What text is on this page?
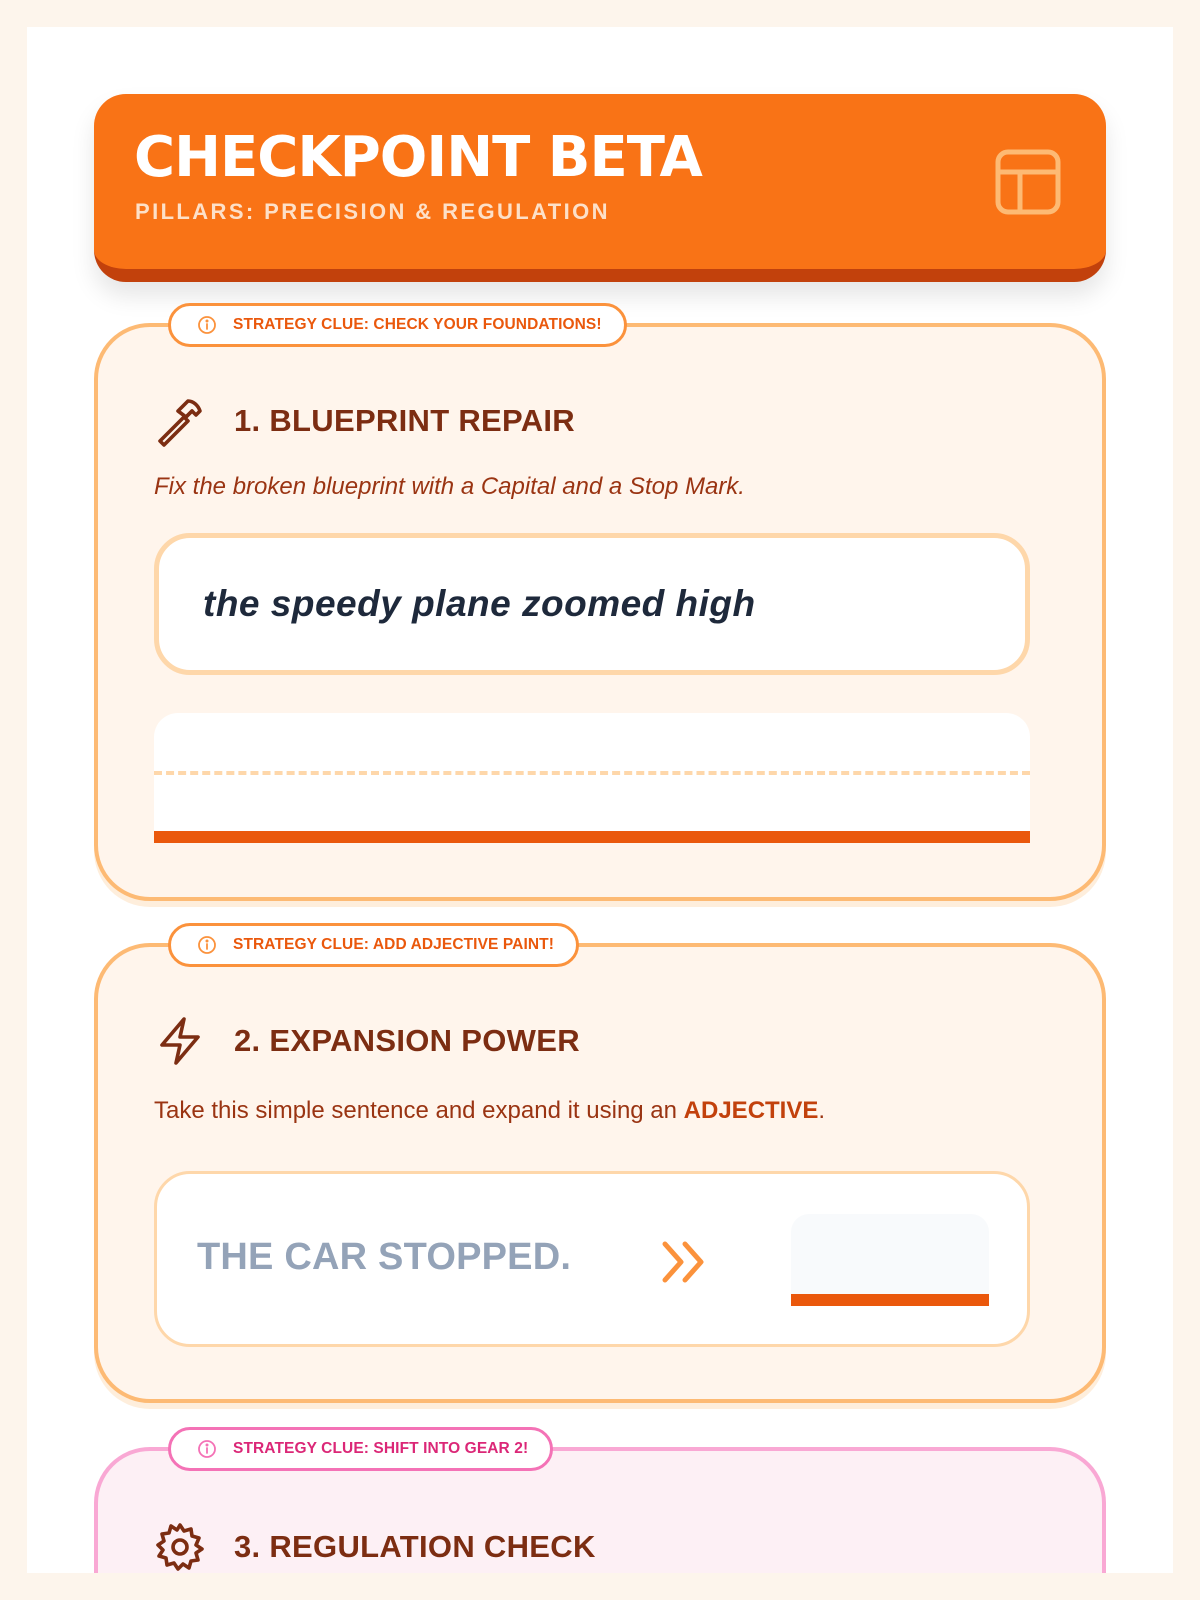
CHECKPOINT BETA
PILLARS: PRECISION & REGULATION
STRATEGY CLUE: CHECK YOUR FOUNDATIONS!
1. BLUEPRINT REPAIR
Fix the broken blueprint with a Capital and a Stop Mark.
the speedy plane zoomed high
STRATEGY CLUE: ADD ADJECTIVE PAINT!
2. EXPANSION POWER
Take this simple sentence and expand it using an ADJECTIVE.
THE CAR STOPPED.
STRATEGY CLUE: SHIFT INTO GEAR 2!
3. REGULATION CHECK
